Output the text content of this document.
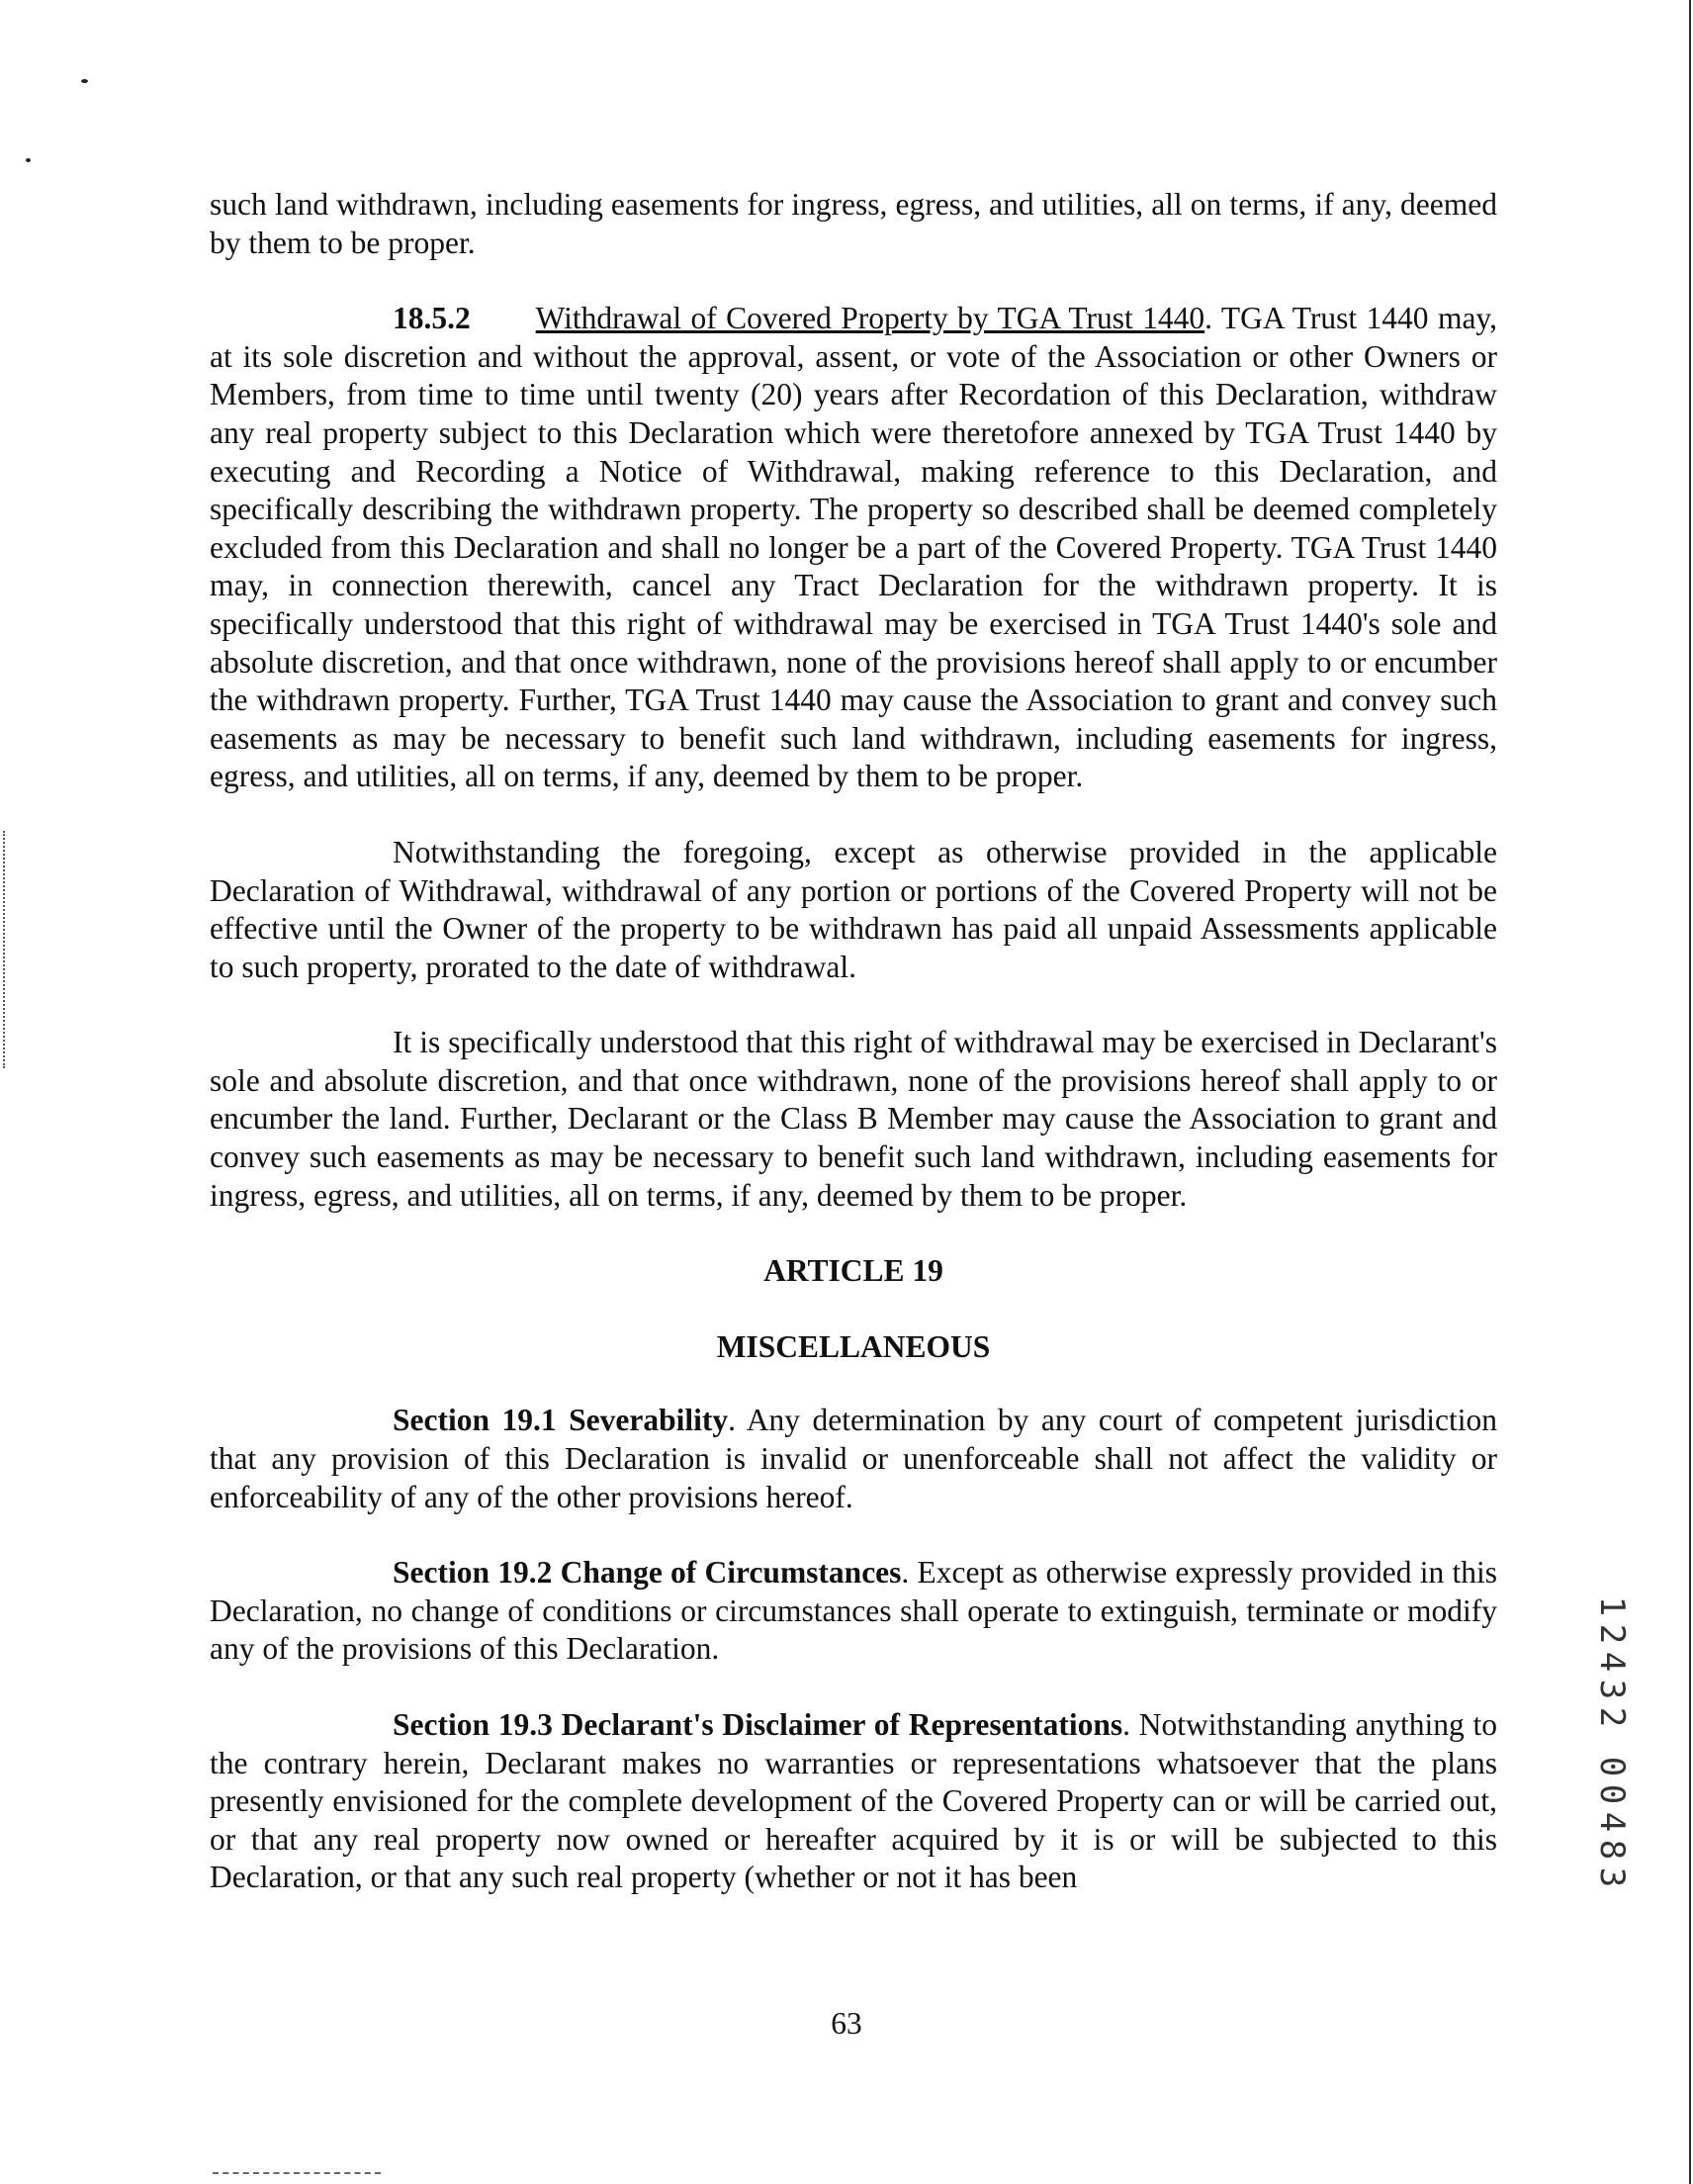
such land withdrawn, including easements for ingress, egress, and utilities, all on terms, if any, deemed by them to be proper.

18.5.2 Withdrawal of Covered Property by TGA Trust 1440. TGA Trust 1440 may, at its sole discretion and without the approval, assent, or vote of the Association or other Owners or Members, from time to time until twenty (20) years after Recordation of this Declaration, withdraw any real property subject to this Declaration which were theretofore annexed by TGA Trust 1440 by executing and Recording a Notice of Withdrawal, making reference to this Declaration, and specifically describing the withdrawn property. The property so described shall be deemed completely excluded from this Declaration and shall no longer be a part of the Covered Property. TGA Trust 1440 may, in connection therewith, cancel any Tract Declaration for the withdrawn property. It is specifically understood that this right of withdrawal may be exercised in TGA Trust 1440's sole and absolute discretion, and that once withdrawn, none of the provisions hereof shall apply to or encumber the withdrawn property. Further, TGA Trust 1440 may cause the Association to grant and convey such easements as may be necessary to benefit such land withdrawn, including easements for ingress, egress, and utilities, all on terms, if any, deemed by them to be proper.

Notwithstanding the foregoing, except as otherwise provided in the applicable Declaration of Withdrawal, withdrawal of any portion or portions of the Covered Property will not be effective until the Owner of the property to be withdrawn has paid all unpaid Assessments applicable to such property, prorated to the date of withdrawal.

It is specifically understood that this right of withdrawal may be exercised in Declarant's sole and absolute discretion, and that once withdrawn, none of the provisions hereof shall apply to or encumber the land. Further, Declarant or the Class B Member may cause the Association to grant and convey such easements as may be necessary to benefit such land withdrawn, including easements for ingress, egress, and utilities, all on terms, if any, deemed by them to be proper.

ARTICLE 19

MISCELLANEOUS

Section 19.1 Severability. Any determination by any court of competent jurisdiction that any provision of this Declaration is invalid or unenforceable shall not affect the validity or enforceability of any of the other provisions hereof.

Section 19.2 Change of Circumstances. Except as otherwise expressly provided in this Declaration, no change of conditions or circumstances shall operate to extinguish, terminate or modify any of the provisions of this Declaration.

Section 19.3 Declarant's Disclaimer of Representations. Notwithstanding anything to the contrary herein, Declarant makes no warranties or representations whatsoever that the plans presently envisioned for the complete development of the Covered Property can or will be carried out, or that any real property now owned or hereafter acquired by it is or will be subjected to this Declaration, or that any such real property (whether or not it has been

63
1
2
4
3
2
0
0
4
8
3
